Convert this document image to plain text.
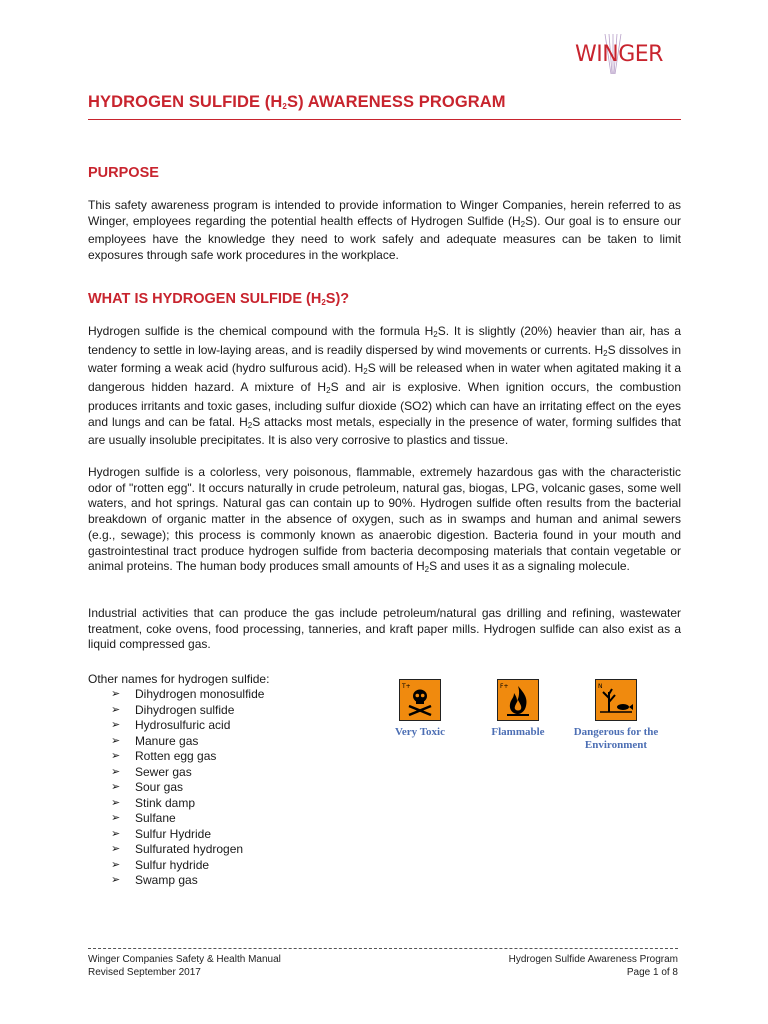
WINGER
HYDROGEN SULFIDE $(H_2S)$ AWARENESS PROGRAM
PURPOSE

This safety awareness program is intended to provide information to Winger Companies, herein referred to as Winger, employees regarding the potential health effects of Hydrogen Sulfide $(H_2S)$. Our goal is to ensure our employees have the knowledge they need to work safely and adequate measures can be taken to limit exposures through safe work procedures in the workplace.

WHAT IS HYDROGEN SULFIDE $(H_2S)$?

Hydrogen sulfide is the chemical compound with the formula $H_2S$. It is slightly (20%) heavier than air, has a tendency to settle in low-laying areas, and is readily dispersed by wind movements or currents. $H_2S$ dissolves in water forming a weak acid (hydro sulfurous acid). $H_2S$ will be released when in water when agitated making it a dangerous hidden hazard. A mixture of $H_2S$ and air is explosive. When ignition occurs, the combustion produces irritants and toxic gases, including sulfur dioxide (SO2) which can have an irritating effect on the eyes and lungs and can be fatal. $H_2S$ attacks most metals, especially in the presence of water, forming sulfides that are usually insoluble precipitates. It is also very corrosive to plastics and tissue.

Hydrogen sulfide is a colorless, very poisonous, flammable, extremely hazardous gas with the characteristic odor of "rotten egg". It occurs naturally in crude petroleum, natural gas, biogas, LPG, volcanic gases, some well waters, and hot springs. Natural gas can contain up to 90%. Hydrogen sulfide often results from the bacterial breakdown of organic matter in the absence of oxygen, such as in swamps and human and animal sewers (e.g., sewage); this process is commonly known as anaerobic digestion. Bacteria found in your mouth and gastrointestinal tract produce hydrogen sulfide from bacteria decomposing materials that contain vegetable or animal proteins. The human body produces small amounts of $H_2S$ and uses it as a signaling molecule.

Industrial activities that can produce the gas include petroleum/natural gas drilling and refining, wastewater treatment, coke ovens, food processing, tanneries, and kraft paper mills. Hydrogen sulfide can also exist as a liquid compressed gas.

Other names for hydrogen sulfide:

➢ Dihydrogen monosulfide
➢ Dihydrogen sulfide
➢ Hydrosulfuric acid
➢ Manure gas
➢ Rotten egg gas
➢ Sewer gas
➢ Sour gas
➢ Stink damp
➢ Sulfane
➢ Sulfur Hydride
➢ Sulfurated hydrogen
➢ Sulfur hydride
➢ Swamp gas
T+
Very Toxic
F+
Flammable
N
Dangerous for the Environment
Winger Companies Safety & Health Manual
Revised September 2017
Hydrogen Sulfide Awareness Program
Page 1 of 8
